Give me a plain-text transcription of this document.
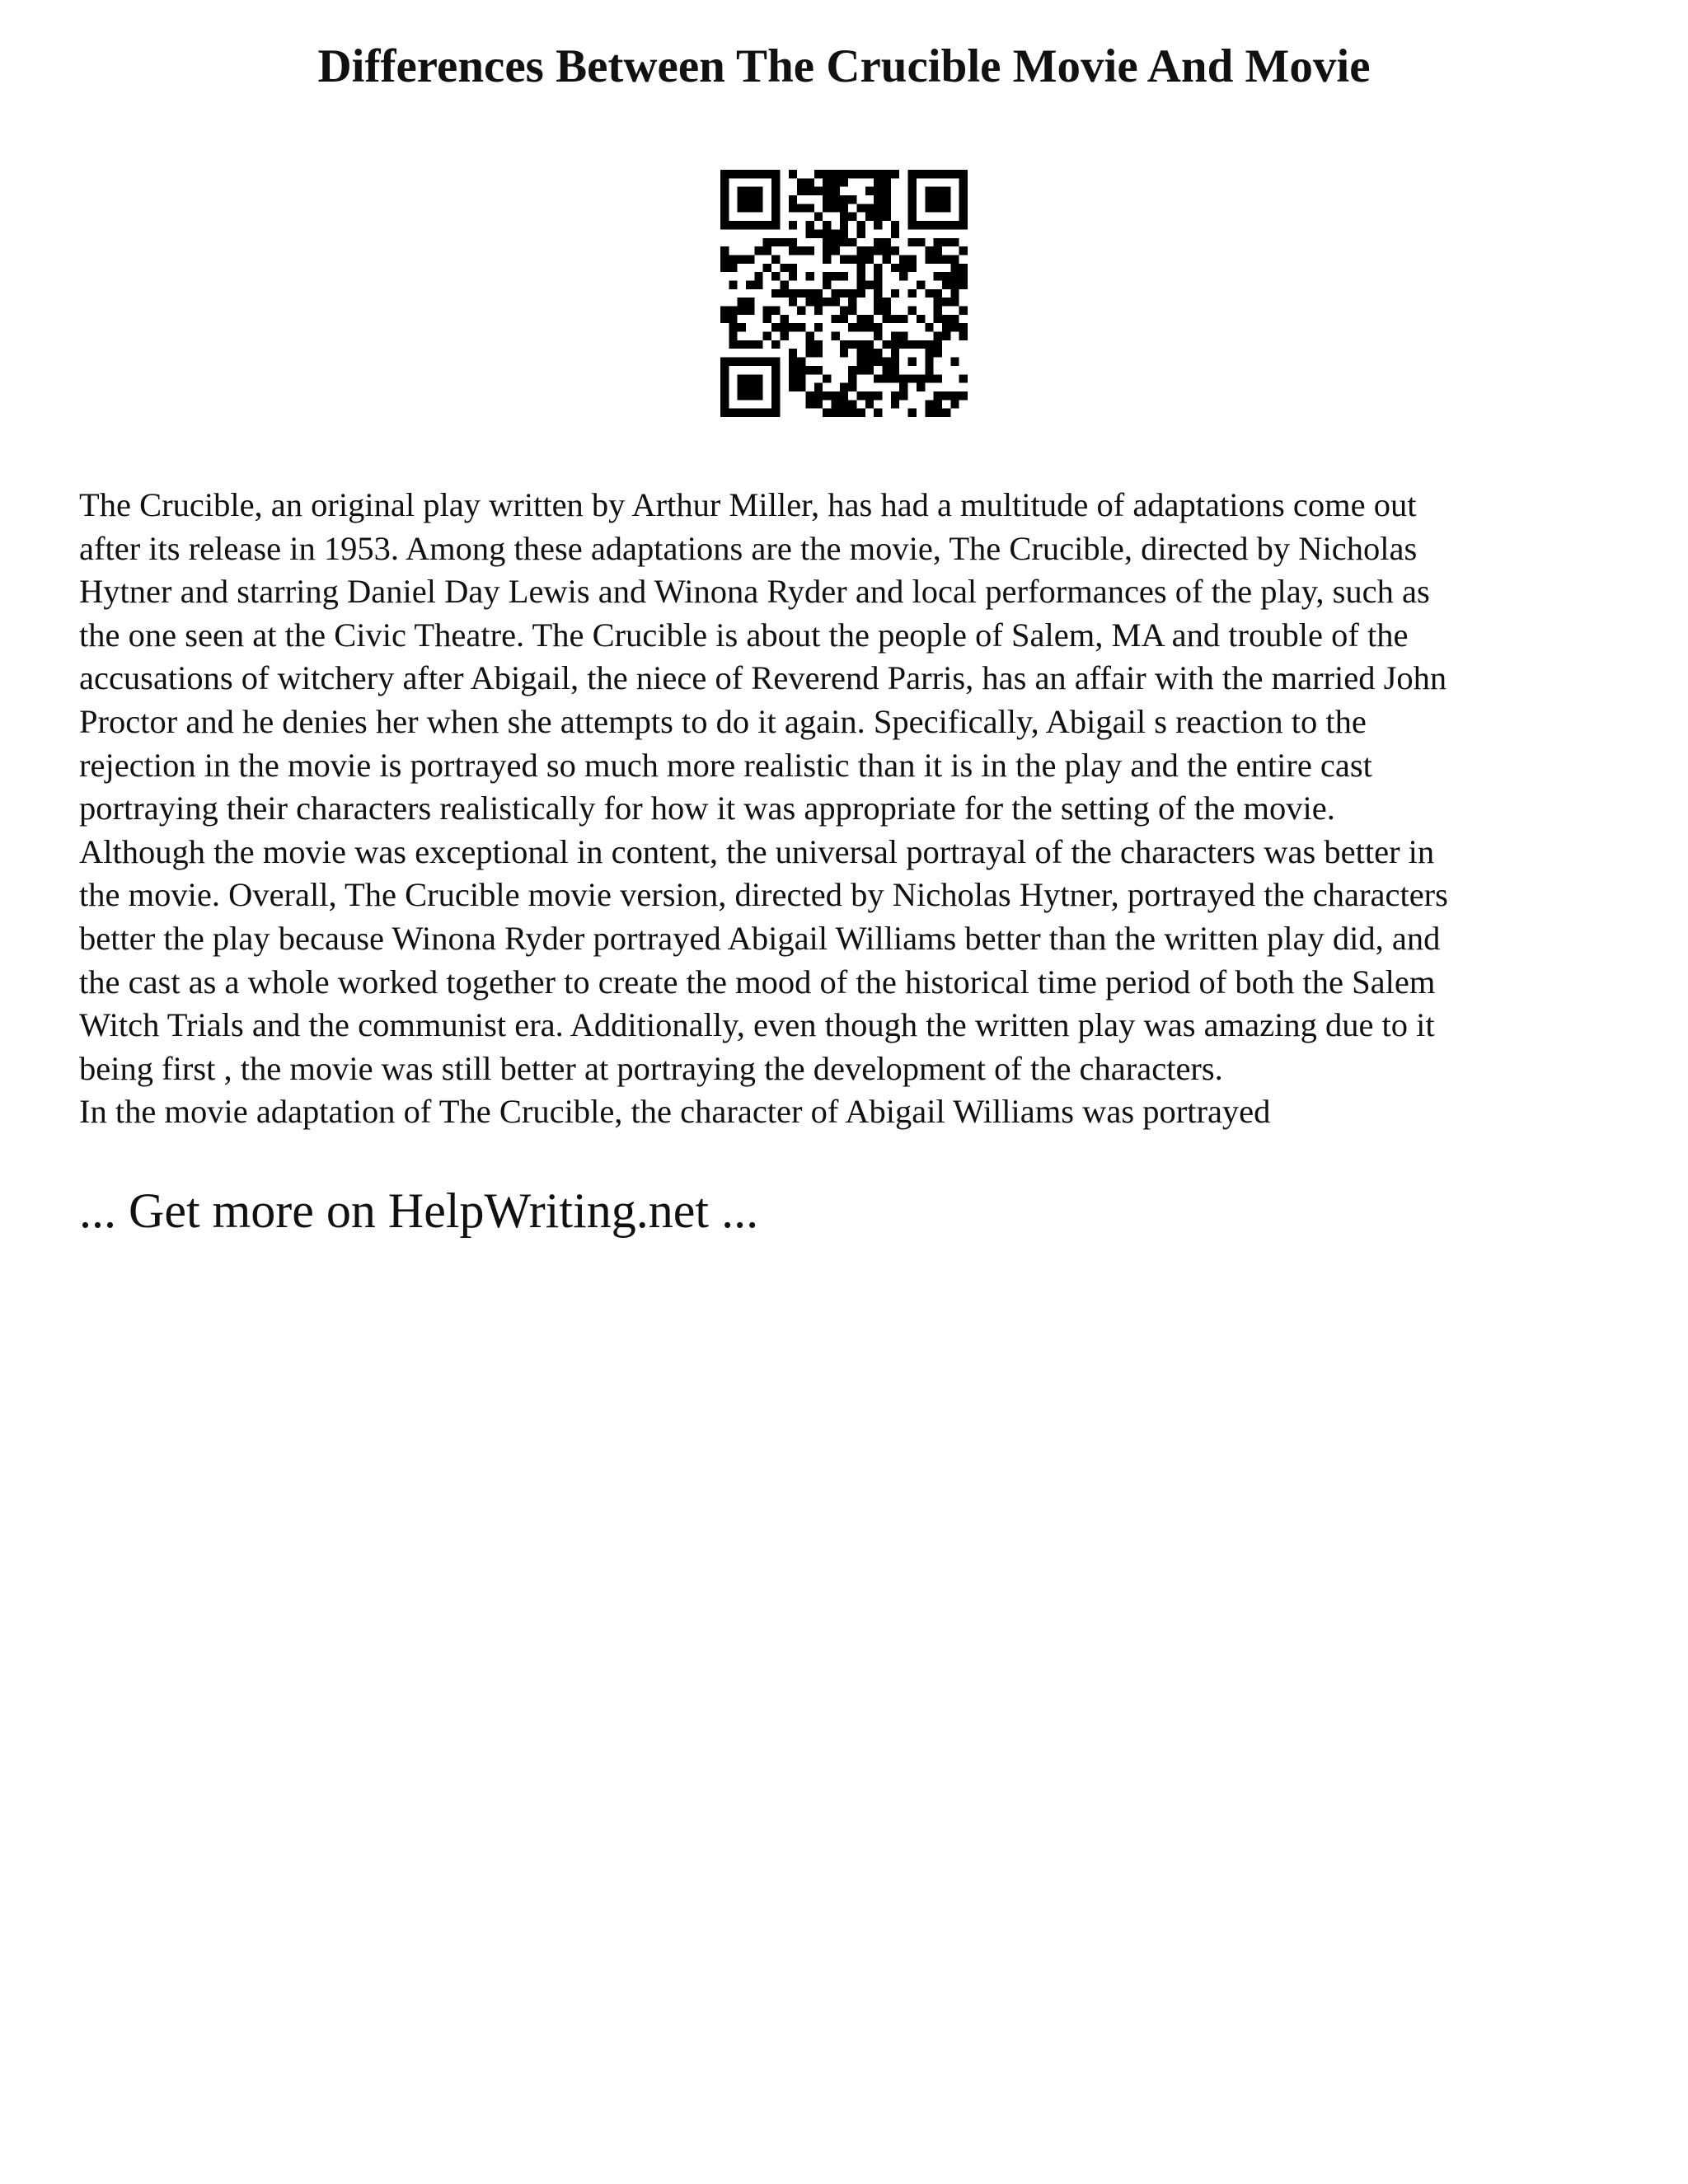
Differences Between The Crucible Movie And Movie

The Crucible, an original play written by Arthur Miller, has had a multitude of adaptations come out
after its release in 1953. Among these adaptations are the movie, The Crucible, directed by Nicholas
Hytner and starring Daniel Day Lewis and Winona Ryder and local performances of the play, such as
the one seen at the Civic Theatre. The Crucible is about the people of Salem, MA and trouble of the
accusations of witchery after Abigail, the niece of Reverend Parris, has an affair with the married John
Proctor and he denies her when she attempts to do it again. Specifically, Abigail s reaction to the
rejection in the movie is portrayed so much more realistic than it is in the play and the entire cast
portraying their characters realistically for how it was appropriate for the setting of the movie.
Although the movie was exceptional in content, the universal portrayal of the characters was better in
the movie. Overall, The Crucible movie version, directed by Nicholas Hytner, portrayed the characters
better the play because Winona Ryder portrayed Abigail Williams better than the written play did, and
the cast as a whole worked together to create the mood of the historical time period of both the Salem
Witch Trials and the communist era. Additionally, even though the written play was amazing due to it
being first , the movie was still better at portraying the development of the characters.
In the movie adaptation of The Crucible, the character of Abigail Williams was portrayed

... Get more on HelpWriting.net ...
